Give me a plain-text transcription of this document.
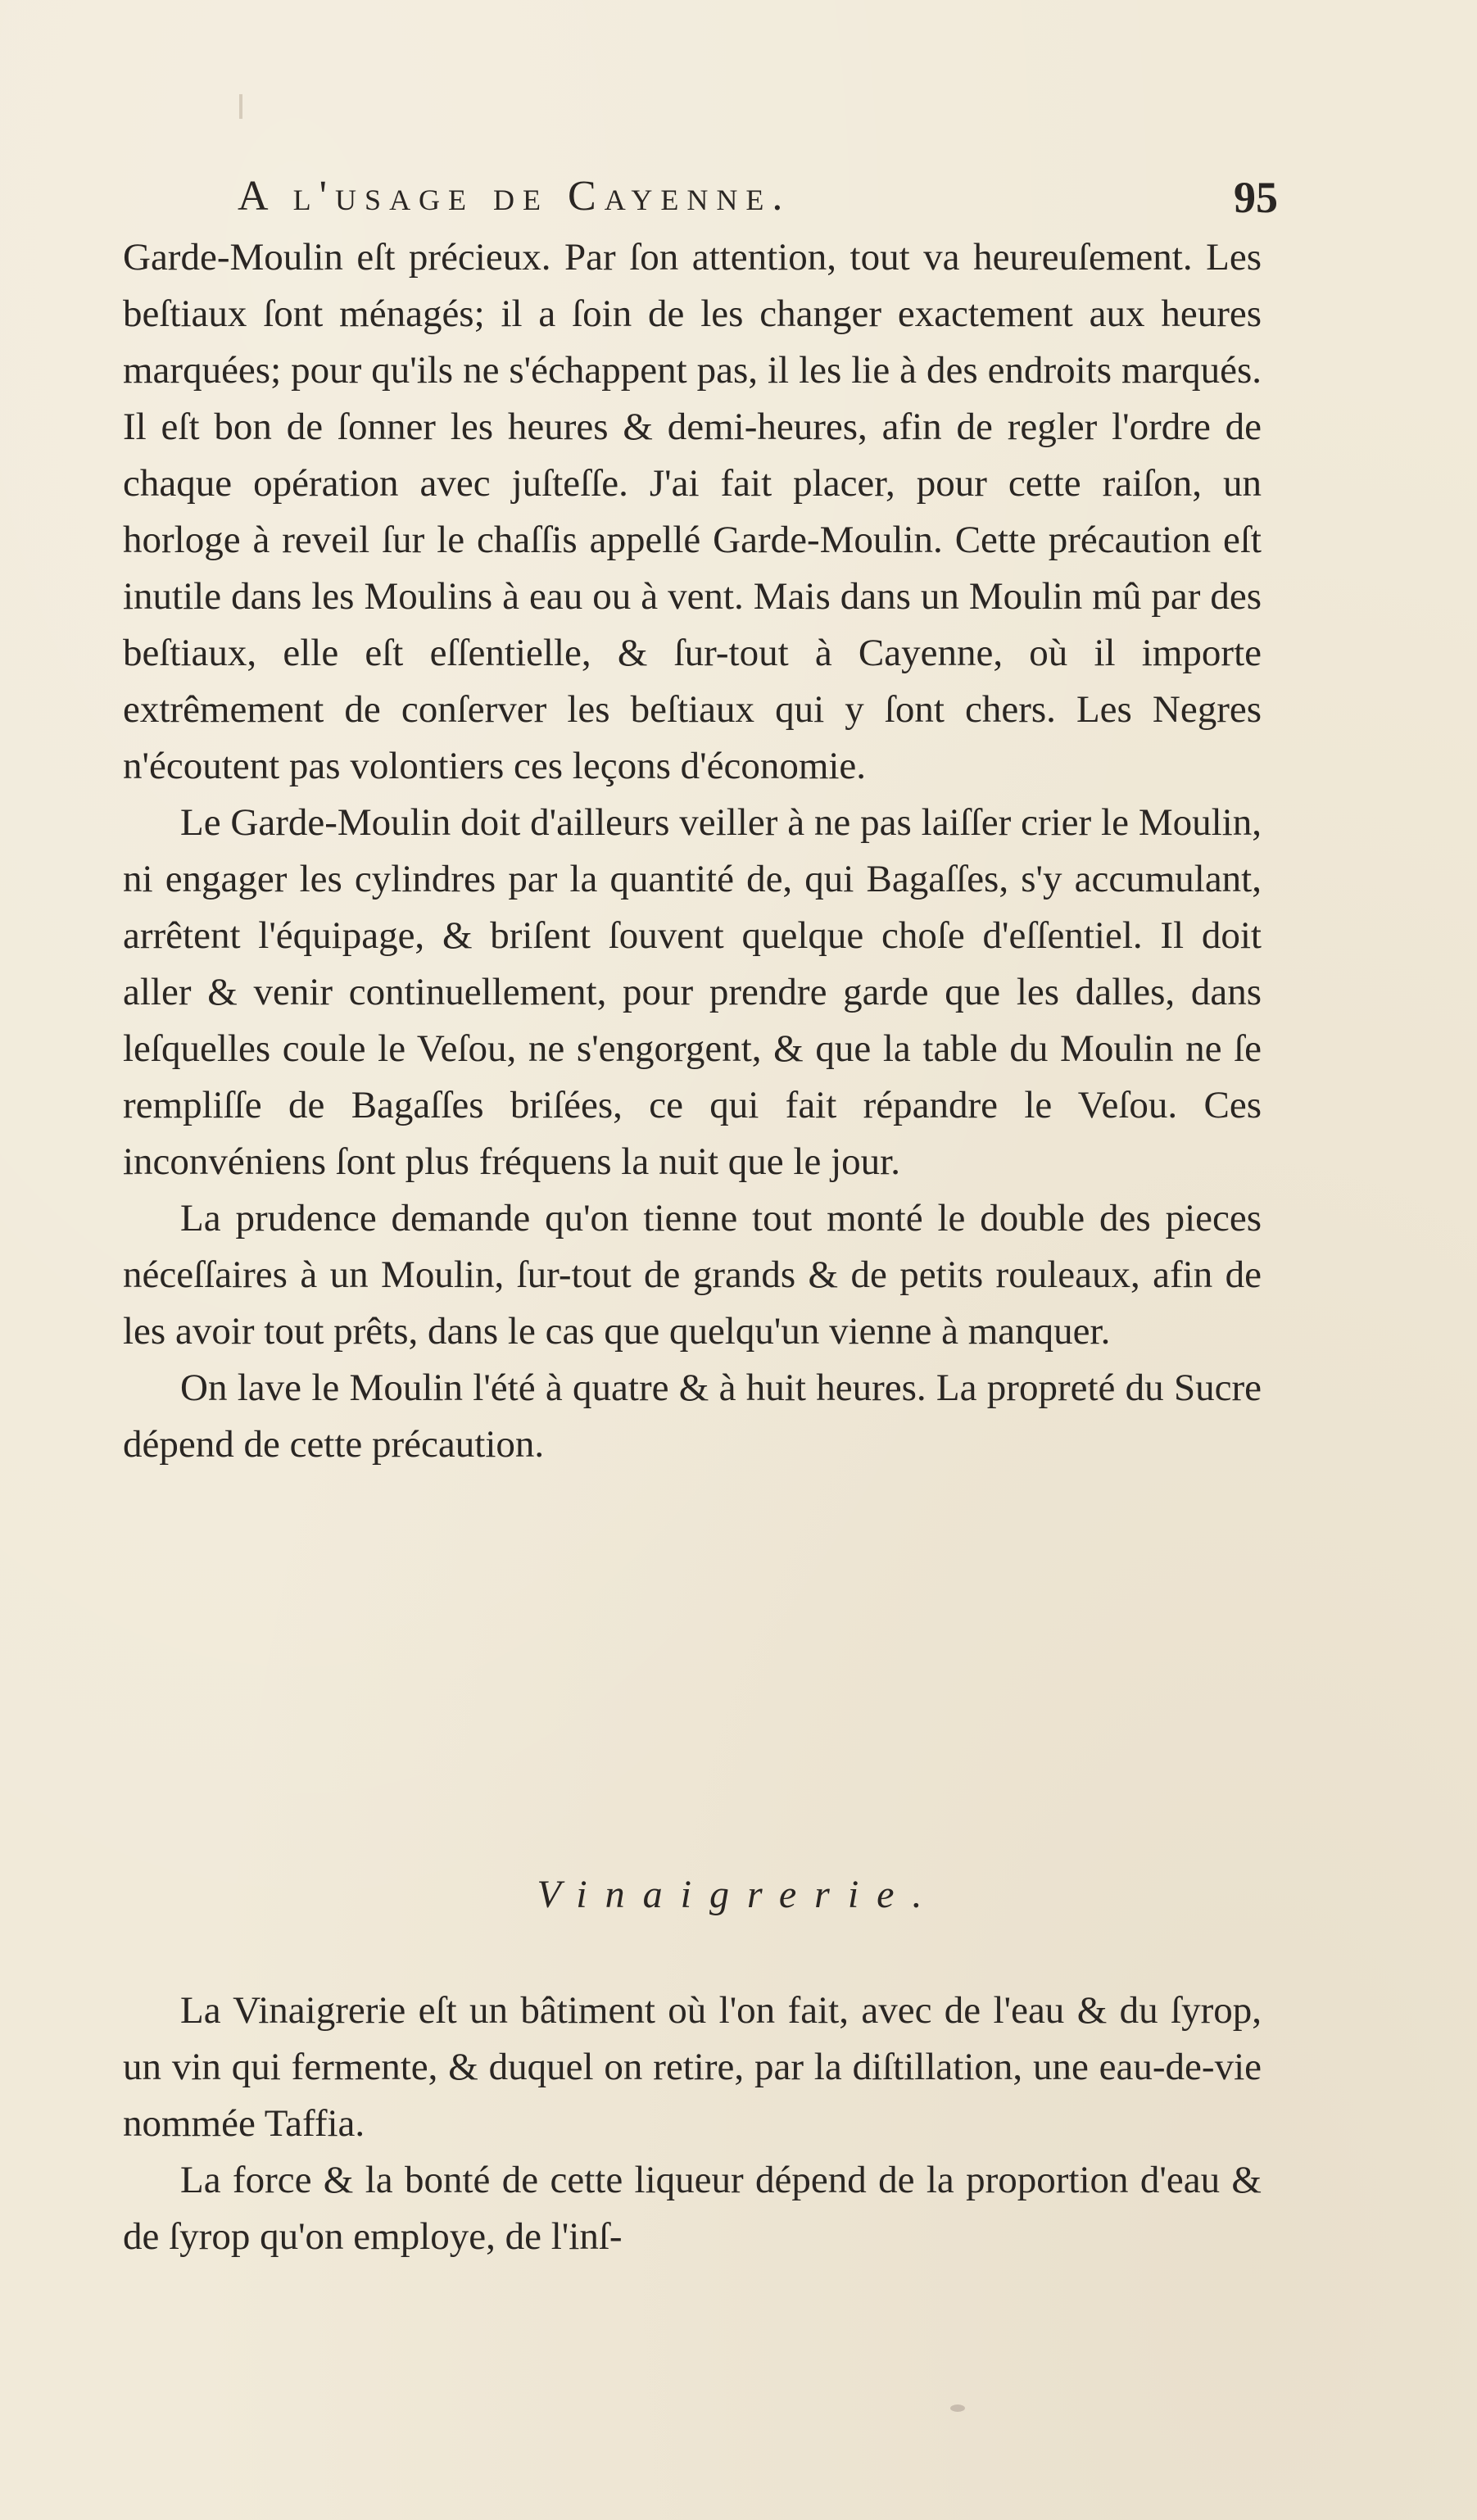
A l'usage de Cayenne.	95

Garde-Moulin eſt précieux. Par ſon attention, tout va heureuſement. Les beſtiaux ſont ménagés; il a ſoin de les changer exactement aux heures marquées; pour qu'ils ne s'échappent pas, il les lie à des endroits marqués. Il eſt bon de ſonner les heures & demi-heures, afin de regler l'ordre de chaque opération avec juſteſſe. J'ai fait placer, pour cette raiſon, un horloge à reveil ſur le chaſſis appellé Garde-Moulin. Cette précaution eſt inutile dans les Moulins à eau ou à vent. Mais dans un Moulin mû par des beſtiaux, elle eſt eſſentielle, & ſur-tout à Cayenne, où il importe extrêmement de conſerver les beſtiaux qui y ſont chers. Les Negres n'écoutent pas volontiers ces leçons d'économie.

Le Garde-Moulin doit d'ailleurs veiller à ne pas laiſſer crier le Moulin, ni engager les cylindres par la quantité de, qui Bagaſſes, s'y accumulant, arrêtent l'équipage, & briſent ſouvent quelque choſe d'eſſentiel. Il doit aller & venir continuellement, pour prendre garde que les dalles, dans leſquelles coule le Veſou, ne s'engorgent, & que la table du Moulin ne ſe rempliſſe de Bagaſſes briſées, ce qui fait répandre le Veſou. Ces inconvéniens ſont plus fréquens la nuit que le jour.

La prudence demande qu'on tienne tout monté le double des pieces néceſſaires à un Moulin, ſur-tout de grands & de petits rouleaux, afin de les avoir tout prêts, dans le cas que quelqu'un vienne à manquer.

On lave le Moulin l'été à quatre & à huit heures. La propreté du Sucre dépend de cette précaution.

Vinaigrerie.

La Vinaigrerie eſt un bâtiment où l'on fait, avec de l'eau & du ſyrop, un vin qui fermente, & duquel on retire, par la diſtillation, une eau-de-vie nommée Taffia.

La force & la bonté de cette liqueur dépend de la proportion d'eau & de ſyrop qu'on employe, de l'inſ-
